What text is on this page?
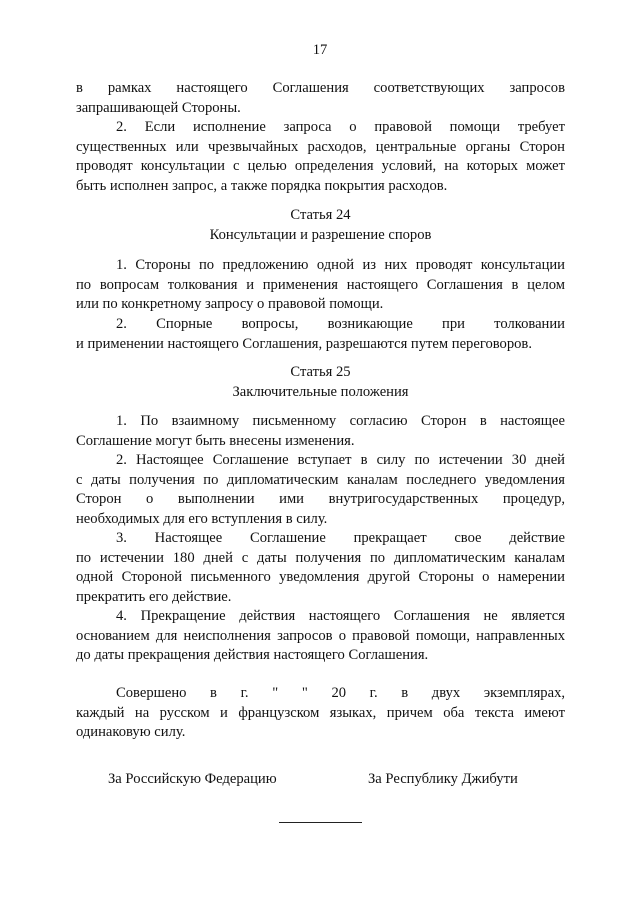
17
в рамках настоящего Соглашения соответствующих запросов
запрашивающей Стороны.
2. Если исполнение запроса о правовой помощи требует
существенных или чрезвычайных расходов, центральные органы Сторон
проводят консультации с целью определения условий, на которых может
быть исполнен запрос, а также порядка покрытия расходов.
Статья 24
Консультации и разрешение споров
1. Стороны по предложению одной из них проводят консультации
по вопросам толкования и применения настоящего Соглашения в целом
или по конкретному запросу о правовой помощи.
2. Спорные вопросы, возникающие при толковании
и применении настоящего Соглашения, разрешаются путем переговоров.
Статья 25
Заключительные положения
1. По взаимному письменному согласию Сторон в настоящее
Соглашение могут быть внесены изменения.
2. Настоящее Соглашение вступает в силу по истечении 30 дней
с даты получения по дипломатическим каналам последнего уведомления
Сторон о выполнении ими внутригосударственных процедур,
необходимых для его вступления в силу.
3. Настоящее Соглашение прекращает свое действие
по истечении 180 дней с даты получения по дипломатическим каналам
одной Стороной письменного уведомления другой Стороны о намерении
прекратить его действие.
4. Прекращение действия настоящего Соглашения не является
основанием для неисполнения запросов о правовой помощи, направленных
до даты прекращения действия настоящего Соглашения.
Совершено в г. " " 20 г. в двух экземплярах,
каждый на русском и французском языках, причем оба текста имеют
одинаковую силу.
За Российскую Федерацию	За Республику Джибути
